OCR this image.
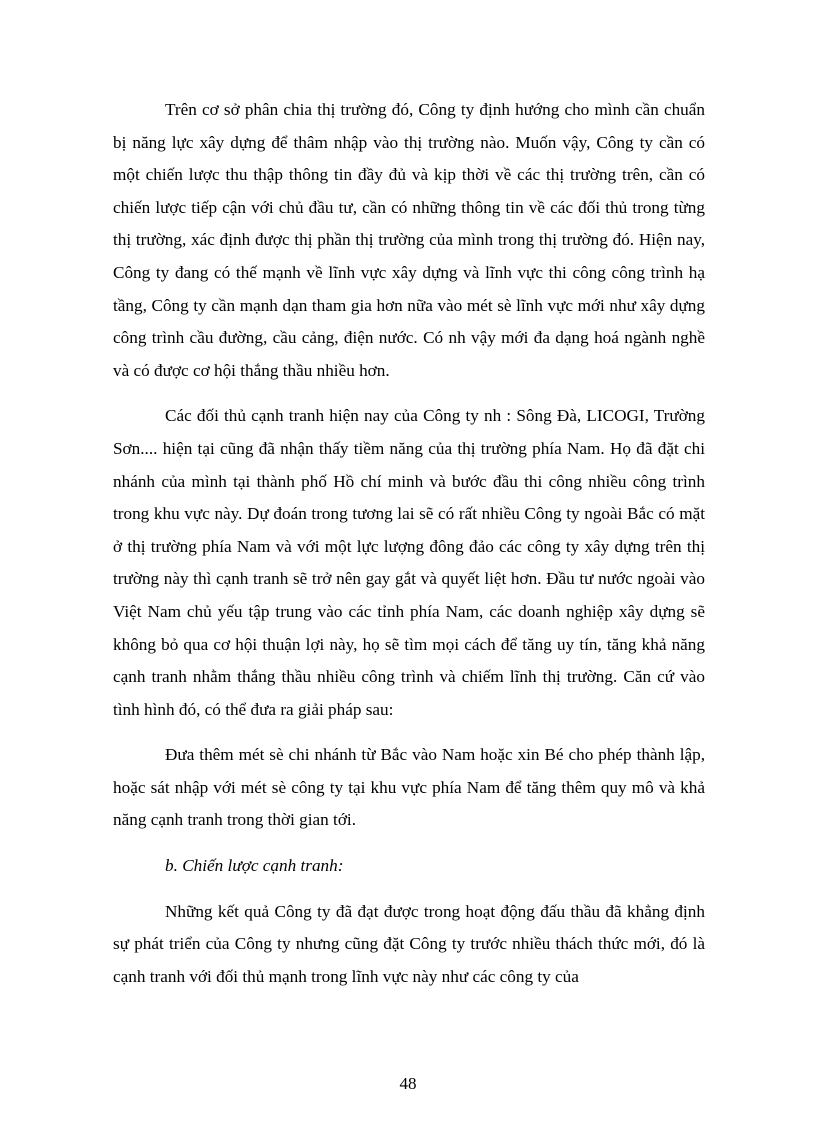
Trên cơ sở phân chia thị trường đó, Công ty định hướng cho mình cần chuẩn bị năng lực xây dựng để thâm nhập vào thị trường nào. Muốn vậy, Công ty cần có một chiến lược thu thập thông tin đầy đủ và kịp thời về các thị trường trên, cần có chiến lược tiếp cận với chủ đầu tư, cần có những thông tin về các đối thủ trong từng thị trường, xác định được thị phần thị trường của mình trong thị trường đó. Hiện nay, Công ty đang có thế mạnh về lĩnh vực xây dựng và lĩnh vực thi công công trình hạ tầng, Công ty cần mạnh dạn tham gia hơn nữa vào mét sè lĩnh vực mới như xây dựng công trình cầu đường, cầu cảng, điện nước. Có nh vậy mới đa dạng hoá ngành nghề và có được cơ hội thắng thầu nhiều hơn.

Các đối thủ cạnh tranh hiện nay của Công ty nh : Sông Đà, LICOGI, Trường Sơn.... hiện tại cũng đã nhận thấy tiềm năng của thị trường phía Nam. Họ đã đặt chi nhánh của mình tại thành phố Hồ chí minh và bước đầu thi công nhiều công trình trong khu vực này. Dự đoán trong tương lai sẽ có rất nhiều Công ty ngoài Bắc có mặt ở thị trường phía Nam và với một lực lượng đông đảo các công ty xây dựng trên thị trường này thì cạnh tranh sẽ trở nên gay gắt và quyết liệt hơn. Đầu tư nước ngoài vào Việt Nam chủ yếu tập trung vào các tỉnh phía Nam, các doanh nghiệp xây dựng sẽ không bỏ qua cơ hội thuận lợi này, họ sẽ tìm mọi cách để tăng uy tín, tăng khả năng cạnh tranh nhằm thắng thầu nhiều công trình và chiếm lĩnh thị trường. Căn cứ vào tình hình đó, có thể đưa ra giải pháp sau:

Đưa thêm mét sè chi nhánh từ Bắc vào Nam hoặc xin Bé cho phép thành lập, hoặc sát nhập với mét sè công ty tại khu vực phía Nam để tăng thêm quy mô và khả năng cạnh tranh trong thời gian tới.

b. Chiến lược cạnh tranh:

Những kết quả Công ty đã đạt được trong hoạt động đấu thầu đã khẳng định sự phát triển của Công ty nhưng cũng đặt Công ty trước nhiều thách thức mới, đó là cạnh tranh với đối thủ mạnh trong lĩnh vực này như các công ty của

48
